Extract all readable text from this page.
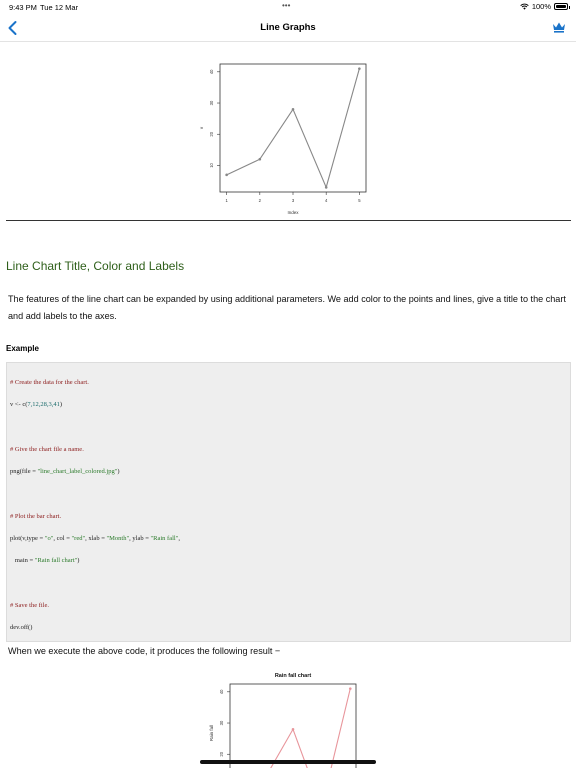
9:43 PM Tue 12 Mar	•••	100%
Line Graphs
10
20
30
40
1	2	3	4	5
Index
v
Line Chart Title, Color and Labels
The features of the line chart can be expanded by using additional parameters. We add color to the points and lines, give a title to the chart and add labels to the axes.
Example
# Create the data for the chart.
v <- c(7,12,28,3,41)
# Give the chart file a name.
png(file = "line_chart_label_colored.jpg")
# Plot the bar chart.
plot(v,type = "o", col = "red", xlab = "Month", ylab = "Rain fall",
main = "Rain fall chart")
# Save the file.
dev.off()
When we execute the above code, it produces the following result −
Rain fall chart
20
30
40
Rain fall
